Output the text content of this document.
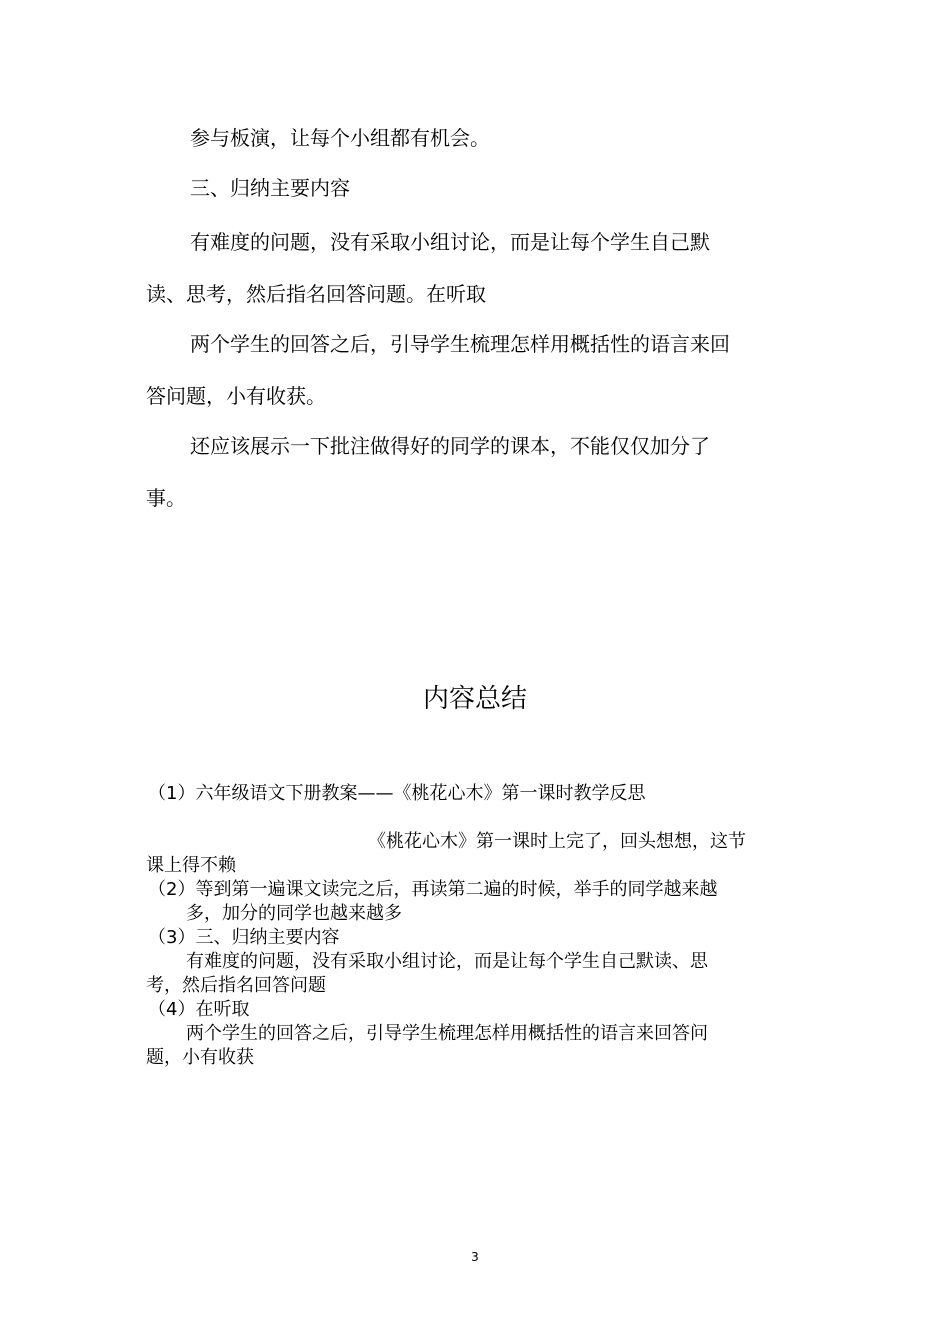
参与板演，让每个小组都有机会。

三、归纳主要内容

有难度的问题，没有采取小组讨论，而是让每个学生自己默

读、思考，然后指名回答问题。在听取

两个学生的回答之后，引导学生梳理怎样用概括性的语言来回

答问题，小有收获。

还应该展示一下批注做得好的同学的课本，不能仅仅加分了

事。

内容总结

（1）六年级语文下册教案——《桃花心木》第一课时教学反思

《桃花心木》第一课时上完了，回头想想，这节

课上得不赖

（2）等到第一遍课文读完之后，再读第二遍的时候，举手的同学越来越

多，加分的同学也越来越多

（3）三、归纳主要内容

有难度的问题，没有采取小组讨论，而是让每个学生自己默读、思

考，然后指名回答问题

（4）在听取

两个学生的回答之后，引导学生梳理怎样用概括性的语言来回答问

题，小有收获

3
